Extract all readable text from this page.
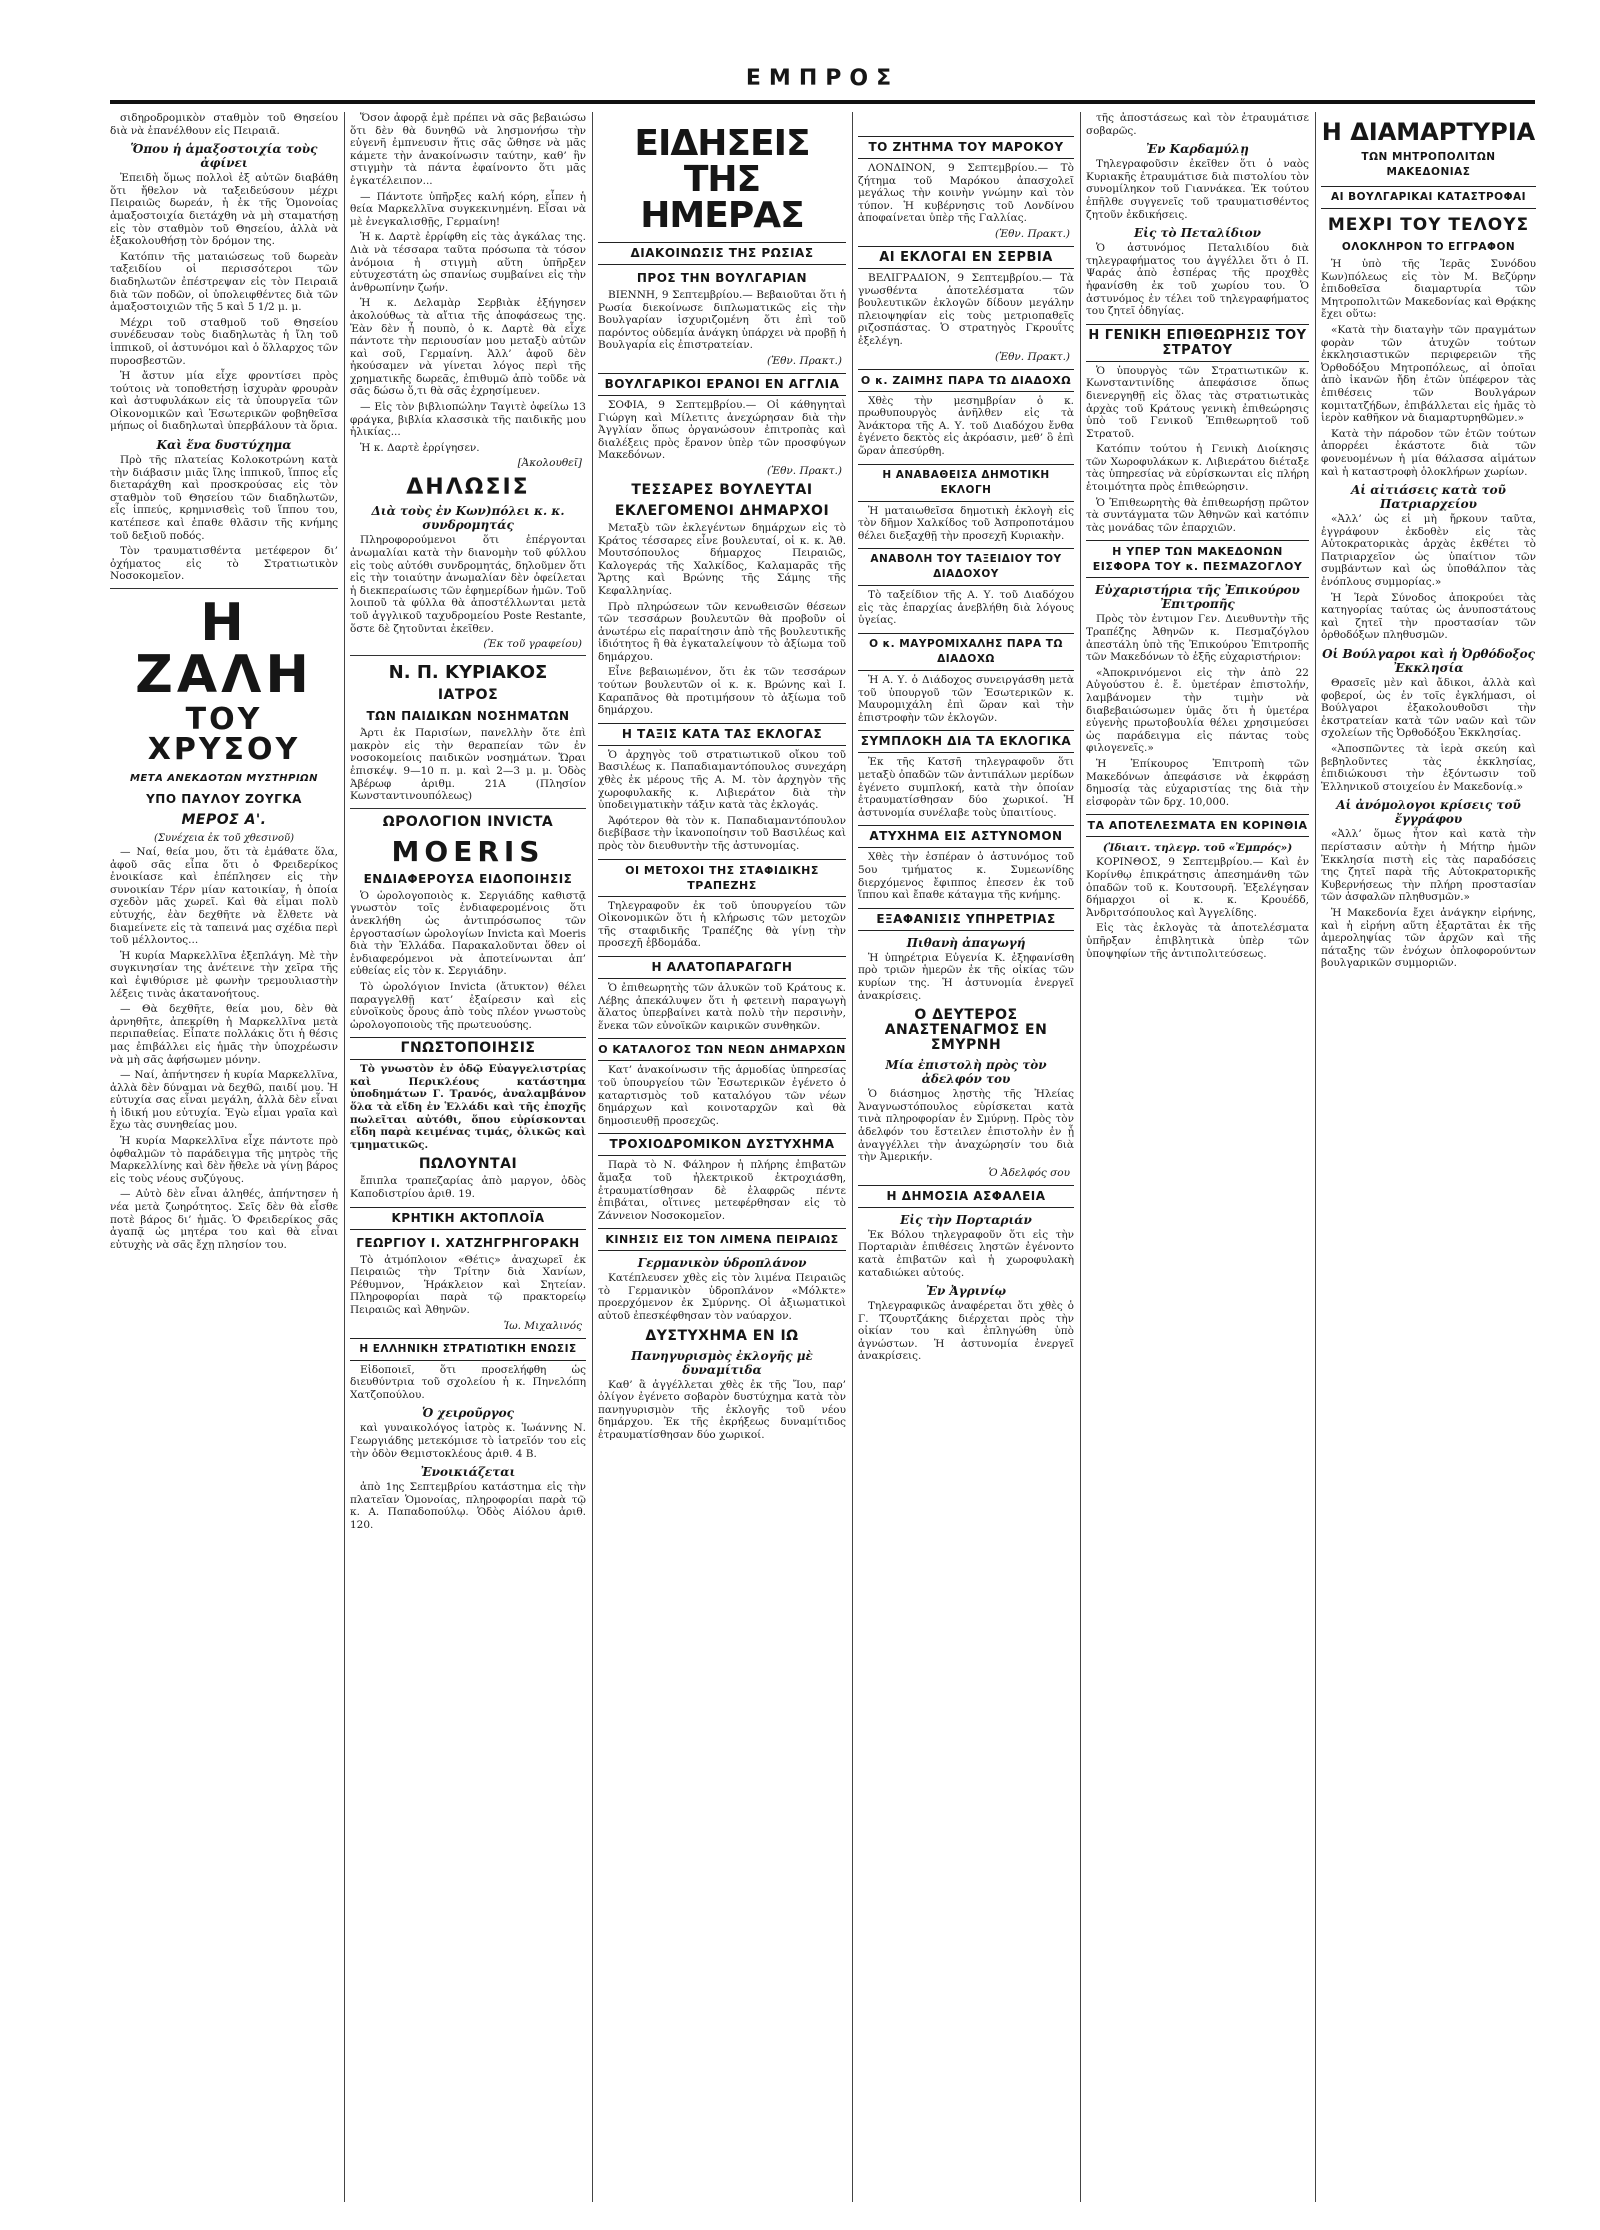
ΕΜΠΡΟΣ

σιδηροδρομικὸν σταθμὸν τοῦ Θησείου διὰ νὰ ἐπανέλθουν εἰς Πειραιᾶ.

Ὅπου ἡ ἁμαξοστοιχία τοὺς ἀφίνει

Ἐπειδὴ ὅμως πολλοὶ ἐξ αὐτῶν διαβάθη ὅτι ἤθελον νὰ ταξειδεύσουν μέχρι Πειραιῶς δωρεάν, ἡ ἐκ τῆς Ὁμονοίας ἁμαξοστοιχία διετάχθη νὰ μὴ σταματήσῃ εἰς τὸν σταθμὸν τοῦ Θησείου, ἀλλὰ νὰ ἐξακολουθήσῃ τὸν δρόμον της.

Κατόπιν τῆς ματαιώσεως τοῦ δωρεὰν ταξειδίου οἱ περισσότεροι τῶν διαδηλωτῶν ἐπέστρεψαν εἰς τὸν Πειραιᾶ διὰ τῶν ποδῶν, οἱ ὑπολειφθέντες διὰ τῶν ἁμαξοστοιχιῶν τῆς 5 καὶ 5 1/2 μ. μ.

Μέχρι τοῦ σταθμοῦ τοῦ Θησείου συνέδευσαν τοὺς διαδηλωτὰς ἡ ἴλη τοῦ ἱππικοῦ, οἱ ἀστυνόμοι καὶ ὁ ὅλλαρχος τῶν πυροσβεστῶν.

Ἡ ἄστυν μία εἶχε φροντίσει πρὸς τούτοις νὰ τοποθετήσῃ ἰσχυρὰν φρουρὰν καὶ ἀστυφυλάκων εἰς τὰ ὑπουργεῖα τῶν Οἰκονομικῶν καὶ Ἐσωτερικῶν φοβηθεῖσα μήπως οἱ διαδηλωταὶ ὑπερβάλουν τὰ ὅρια.

Καὶ ἕνα δυστύχημα

Πρὸ τῆς πλατείας Κολοκοτρώνη κατὰ τὴν διάβασιν μιᾶς ἴλης ἱππικοῦ, ἵππος εἷς διεταράχθη καὶ προσκρούσας εἰς τὸν σταθμὸν τοῦ Θησείου τῶν διαδηλωτῶν, εἷς ἱππεύς, κρημνισθεὶς τοῦ ἵππου του, κατέπεσε καὶ ἐπαθε θλᾶσιν τῆς κνήμης τοῦ δεξιοῦ ποδός.

Τὸν τραυματισθέντα μετέφερον δι’ ὀχήματος εἰς τὸ Στρατιωτικὸν Νοσοκομεῖον.

Η ΖΑΛΗ
ΤΟΥ ΧΡΥΣΟΥ
ΜΕΤΑ ΑΝΕΚΔΟΤΩΝ ΜΥΣΤΗΡΙΩΝ
ΥΠΟ ΠΑΥΛΟΥ ΖΟΥΓΚΑ
ΜΕΡΟΣ Α'.
(Συνέχεια ἐκ τοῦ χθεσινοῦ)

— Ναί, θεία μου, ὅτι τὰ ἐμάθατε ὅλα, ἀφοῦ σᾶς εἶπα ὅτι ὁ Φρειδερίκος ἐνοικίασε καὶ ἐπέπλησεν εἰς τὴν συνοικίαν Τέρν μίαν κατοικίαν, ἡ ὁποία σχεδὸν μᾶς χωρεῖ. Καὶ θὰ εἶμαι πολὺ εὐτυχής, ἐὰν δεχθῆτε νὰ ἔλθετε νὰ διαμείνετε εἰς τὰ ταπεινά μας σχέδια περὶ τοῦ μέλλοντος...

Ἡ κυρία Μαρκελλῖνα ἐξεπλάγη. Μὲ τὴν συγκινησίαν της ἀνέτεινε τὴν χεῖρα τῆς καὶ ἐψιθύρισε μὲ φωνὴν τρεμουλιαστὴν λέξεις τινὰς ἀκατανοήτους.

— Θὰ δεχθῆτε, θεία μου, δὲν θὰ ἀρνηθῆτε, ἀπεκρίθη ἡ Μαρκελλῖνα μετὰ περιπαθείας. Εἶπατε πολλάκις ὅτι ἡ θέσις μας ἐπιβάλλει εἰς ἡμᾶς τὴν ὑποχρέωσιν νὰ μὴ σᾶς ἀφήσωμεν μόνην.

— Ναί, ἀπήντησεν ἡ κυρία Μαρκελλῖνα, ἀλλὰ δὲν δύναμαι νὰ δεχθῶ, παιδί μου. Ἡ εὐτυχία σας εἶναι μεγάλη, ἀλλὰ δὲν εἶναι ἡ ἰδική μου εὐτυχία. Ἐγὼ εἶμαι γραῖα καὶ ἔχω τὰς συνηθείας μου.

Ἡ κυρία Μαρκελλῖνα εἶχε πάντοτε πρὸ ὀφθαλμῶν τὸ παράδειγμα τῆς μητρὸς τῆς Μαρκελλίνης καὶ δὲν ἤθελε νὰ γίνῃ βάρος εἰς τοὺς νέους συζύγους.

— Αὐτὸ δὲν εἶναι ἀληθές, ἀπήντησεν ἡ νέα μετὰ ζωηρότητος. Σεῖς δὲν θὰ εἶσθε ποτὲ βάρος δι’ ἡμᾶς. Ὁ Φρειδερίκος σᾶς ἀγαπᾷ ὡς μητέρα του καὶ θὰ εἶναι εὐτυχὴς νὰ σᾶς ἔχῃ πλησίον του.

Ὅσον ἀφορᾷ ἐμὲ πρέπει νὰ σᾶς βεβαιώσω ὅτι δὲν θὰ δυνηθῶ νὰ λησμονήσω τὴν εὐγενῆ ἐμπνευσιν ἥτις σᾶς ὤθησε νὰ μᾶς κάμετε τὴν ἀνακοίνωσιν ταύτην, καθ’ ἣν στιγμὴν τὰ πάντα ἐφαίνοντο ὅτι μᾶς ἐγκατέλειπον...

— Πάντοτε ὑπῆρξες καλή κόρη, εἶπεν ἡ θεία Μαρκελλῖνα συγκεκινημένη. Εἶσαι νὰ μὲ ἐνεγκαλισθῇς, Γερμαίνη!

Ἡ κ. Δαρτὲ ἐρρίφθη εἰς τὰς ἀγκάλας της. Διὰ νὰ τέσσαρα ταῦτα πρόσωπα τὰ τόσον ἀνόμοια ἡ στιγμὴ αὕτη ὑπῆρξεν εὐτυχεστάτη ὡς σπανίως συμβαίνει εἰς τὴν ἀνθρωπίνην ζωήν.

Ἡ κ. Δελαμὰρ Σερβιὰκ ἐξήγησεν ἀκολούθως τὰ αἴτια τῆς ἀποφάσεως της. Ἐὰν δὲν ἦ πουπὸ, ὁ κ. Δαρτὲ θὰ εἶχε πάντοτε τὴν περιουσίαν μου μεταξὺ αὐτῶν καὶ σοῦ, Γερμαίνη. Ἀλλ’ ἀφοῦ δὲν ἠκούσαμεν νὰ γίνεται λόγος περὶ τῆς χρηματικῆς δωρεᾶς, ἐπιθυμῶ ἀπὸ τοῦδε νὰ σᾶς δώσω ὅ,τι θὰ σᾶς ἐχρησίμευεν.

— Εἰς τὸν βιβλιοπώλην Ταγιτὲ ὀφείλω 13 φράγκα, βιβλία κλασσικὰ τῆς παιδικῆς μου ἡλικίας...

Ἡ κ. Δαρτὲ ἐρρίγησεν.

[Ἀκολουθεῖ]
ΔΗΛΩΣΙΣ
Διὰ τοὺς ἐν Κων)πόλει κ. κ. συνδρομητάς

Πληροφορούμενοι ὅτι ἐπέργονται ἀνωμαλίαι κατὰ τὴν διανομὴν τοῦ φύλλου εἰς τοὺς αὐτόθι συνδρομητάς, δηλοῦμεν ὅτι εἰς τὴν τοιαύτην ἀνωμαλίαν δὲν ὀφείλεται ἡ διεκπεραίωσις τῶν ἐφημερίδων ἡμῶν. Τοῦ λοιποῦ τὰ φύλλα θὰ ἀποστέλλωνται μετὰ τοῦ ἀγγλικοῦ ταχυδρομείου Poste Restante, ὅστε δὲ ζητοῦνται ἐκεῖθεν.

(Ἐκ τοῦ γραφείου)
Ν. Π. ΚΥΡΙΑΚΟΣ
ΙΑΤΡΟΣ
ΤΩΝ ΠΑΙΔΙΚΩΝ ΝΟΣΗΜΑΤΩΝ

Ἀρτι ἐκ Παρισίων, πανελλὴν ὅτε ἐπὶ μακρὸν εἰς τὴν θεραπείαν τῶν ἐν νοσοκομείοις παιδικῶν νοσημάτων. Ὥραι ἐπισκέψ. 9—10 π. μ. καὶ 2—3 μ. μ. Ὁδὸς Ἀβέρωφ ἀριθμ. 21Α (Πλησίον Κωνσταντινουπόλεως)

ΩΡΟΛΟΓΙΟΝ INVICTA
MOERIS
ΕΝΔΙΑΦΕΡΟΥΣΑ ΕΙΔΟΠΟΙΗΣΙΣ

Ὁ ὡρολογοποιὸς κ. Σεργιάδης καθιστᾷ γνωστὸν τοῖς ἐνδιαφερομένοις ὅτι ἀνεκλήθη ὡς ἀντιπρόσωπος τῶν ἐργοστασίων ὡρολογίων Invicta καὶ Moeris διὰ τὴν Ἑλλάδα. Παρακαλοῦνται ὅθεν οἱ ἐνδιαφερόμενοι νὰ ἀποτείνωνται ἀπ’ εὐθείας εἰς τὸν κ. Σεργιάδην.

Τὸ ὡρολόγιον Invicta (ἄτυκτον) θέλει παραγγελθῇ κατ’ ἐξαίρεσιν καὶ εἰς εὐνοϊκοὺς ὅρους ἀπὸ τοὺς πλέον γνωστοὺς ὡρολογοποιοὺς τῆς πρωτευούσης.

ΓΝΩΣΤΟΠΟΙΗΣΙΣ

Τὸ γνωστὸν ἐν ὁδῷ Εὐαγγελιστρίας καὶ Περικλέους κατάστημα ὑποδημάτων Γ. Τρανός, ἀναλαμβάνον ὅλα τὰ εἴδη ἐν Ἑλλάδι καὶ τῆς ἐποχῆς πωλεῖται αὐτόθι, ὅπου εὑρίσκονται εἴδη παρὰ κειμένας τιμάς, ὁλικῶς καὶ τμηματικῶς.

ΠΩΛΟΥΝΤΑΙ

ἔπιπλα τραπεζαρίας ἀπὸ μαργον, ὁδὸς Καποδιστρίου ἀριθ. 19.

ΚΡΗΤΙΚΗ ΑΚΤΟΠΛΟΪΑ
ΓΕΩΡΓΙΟΥ Ι. ΧΑΤΖΗΓΡΗΓΟΡΑΚΗ

Τὸ ἀτμόπλοιον «Θέτις» ἀναχωρεῖ ἐκ Πειραιῶς τὴν Τρίτην διὰ Χανίων, Ρέθυμνον, Ἡράκλειον καὶ Σητείαν. Πληροφορίαι παρὰ τῷ πρακτορείῳ Πειραιῶς καὶ Ἀθηνῶν.

Ἰω. Μιχαλινός
Η ΕΛΛΗΝΙΚΗ ΣΤΡΑΤΙΩΤΙΚΗ ΕΝΩΣΙΣ

Εἰδοποιεῖ, ὅτι προσελήφθη ὡς διευθύντρια τοῦ σχολείου ἡ κ. Πηνελόπη Χατζοπούλου.

Ὁ χειροῦργος

καὶ γυναικολόγος ἰατρὸς κ. Ἰωάννης Ν. Γεωργιάδης μετεκόμισε τὸ ἰατρεῖόν του εἰς τὴν ὁδὸν Θεμιστοκλέους ἀριθ. 4 Β.

Ἐνοικιάζεται

ἀπὸ 1ης Σεπτεμβρίου κατάστημα εἰς τὴν πλατεῖαν Ὁμονοίας, πληροφορίαι παρὰ τῷ κ. Α. Παπαδοπούλῳ. Ὁδὸς Αἰόλου ἀριθ. 120.

ΕΙΔΗΣΕΙΣ ΤΗΣ ΗΜΕΡΑΣ
ΔΙΑΚΟΙΝΩΣΙΣ ΤΗΣ ΡΩΣΙΑΣ
ΠΡΟΣ ΤΗΝ ΒΟΥΛΓΑΡΙΑΝ

ΒΙΕΝΝΗ, 9 Σεπτεμβρίου.— Βεβαιοῦται ὅτι ἡ Ρωσία διεκοίνωσε διπλωματικῶς εἰς τὴν Βουλγαρίαν ἰσχυριζομένη ὅτι ἐπὶ τοῦ παρόντος οὐδεμία ἀνάγκη ὑπάρχει νὰ προβῇ ἡ Βουλγαρία εἰς ἐπιστρατείαν.

(Ἐθν. Πρακτ.)
ΒΟΥΛΓΑΡΙΚΟΙ ΕΡΑΝΟΙ ΕΝ ΑΓΓΛΙΑ

ΣΟΦΙΑ, 9 Σεπτεμβρίου.— Οἱ κάθηγηταὶ Γιώργη καὶ Μίλετιτς ἀνεχώρησαν διὰ τὴν Ἀγγλίαν ὅπως ὀργανώσουν ἐπιτροπὰς καὶ διαλέξεις πρὸς ἔρανον ὑπὲρ τῶν προσφύγων Μακεδόνων.

(Ἐθν. Πρακτ.)
ΤΕΣΣΑΡΕΣ ΒΟΥΛΕΥΤΑΙ
ΕΚΛΕΓΟΜΕΝΟΙ ΔΗΜΑΡΧΟΙ

Μεταξὺ τῶν ἐκλεγέντων δημάρχων εἰς τὸ Κράτος τέσσαρες εἶνε βουλευταί, οἱ κ. κ. Ἀθ. Μουτσόπουλος δήμαρχος Πειραιῶς, Καλογεράς τῆς Χαλκίδος, Καλαμαρᾶς τῆς Ἄρτης καὶ Βρώνης τῆς Σάμης τῆς Κεφαλληνίας.

Πρὸ πληρώσεων τῶν κενωθεισῶν θέσεων τῶν τεσσάρων βουλευτῶν θὰ προβοῦν οἱ ἀνωτέρω εἰς παραίτησιν ἀπὸ τῆς βουλευτικῆς ἰδιότητος ἢ θὰ ἐγκαταλείψουν τὸ ἀξίωμα τοῦ δημάρχου.

Εἶνε βεβαιωμένον, ὅτι ἐκ τῶν τεσσάρων τούτων βουλευτῶν οἱ κ. κ. Βρώνης καὶ Ι. Καραπᾶνος θὰ προτιμήσουν τὸ ἀξίωμα τοῦ δημάρχου.

Η ΤΑΞΙΣ ΚΑΤΑ ΤΑΣ ΕΚΛΟΓΑΣ

Ὁ ἀρχηγὸς τοῦ στρατιωτικοῦ οἴκου τοῦ Βασιλέως κ. Παπαδιαμαντόπουλος συνεχάρη χθὲς ἐκ μέρους τῆς Α. Μ. τὸν ἀρχηγὸν τῆς χωροφυλακῆς κ. Λιβιεράτον διὰ τὴν ὑποδειγματικὴν τάξιν κατὰ τὰς ἐκλογάς.

Ἀφότερον θὰ τὸν κ. Παπαδιαμαντόπουλον διεβίβασε τὴν ἰκανοποίησιν τοῦ Βασιλέως καὶ πρὸς τὸν διευθυντὴν τῆς ἀστυνομίας.

ΟΙ ΜΕΤΟΧΟΙ ΤΗΣ ΣΤΑΦΙΔΙΚΗΣ ΤΡΑΠΕΖΗΣ

Τηλεγραφοῦν ἐκ τοῦ ὑπουργείου τῶν Οἰκονομικῶν ὅτι ἡ κλήρωσις τῶν μετοχῶν τῆς σταφιδικῆς Τραπέζης θὰ γίνῃ τὴν προσεχῆ ἑβδομάδα.

Η ΑΛΑΤΟΠΑΡΑΓΩΓΗ

Ὁ ἐπιθεωρητὴς τῶν ἁλυκῶν τοῦ Κράτους κ. Λέβης ἀπεκάλυψεν ὅτι ἡ φετεινὴ παραγωγὴ ἅλατος ὑπερβαίνει κατὰ πολὺ τὴν περσινὴν, ἕνεκα τῶν εὐνοϊκῶν καιρικῶν συνθηκῶν.

Ο ΚΑΤΑΛΟΓΟΣ ΤΩΝ ΝΕΩΝ ΔΗΜΑΡΧΩΝ

Κατ’ ἀνακοίνωσιν τῆς ἁρμοδίας ὑπηρεσίας τοῦ ὑπουργείου τῶν Ἐσωτερικῶν ἐγένετο ὁ καταρτισμὸς τοῦ καταλόγου τῶν νέων δημάρχων καὶ κοινοταρχῶν καὶ θὰ δημοσιευθῇ προσεχῶς.

ΤΡΟΧΙΟΔΡΟΜΙΚΟΝ ΔΥΣΤΥΧΗΜΑ

Παρὰ τὸ Ν. Φάληρον ἡ πλήρης ἐπιβατῶν ἄμαξα τοῦ ἠλεκτρικοῦ ἐκτροχιάσθη, ἐτραυματίσθησαν δὲ ἐλαφρῶς πέντε ἐπιβάται, οἵτινες μετεφέρθησαν εἰς τὸ Ζάννειον Νοσοκομεῖον.

ΚΙΝΗΣΙΣ ΕΙΣ ΤΟΝ ΛΙΜΕΝΑ ΠΕΙΡΑΙΩΣ
Γερμανικὸν ὑδροπλάνον

Κατέπλευσεν χθὲς εἰς τὸν λιμένα Πειραιῶς τὸ Γερμανικὸν ὑδροπλάνον «Μόλκτε» προερχόμενον ἐκ Σμύρνης. Οἱ ἀξιωματικοὶ αὐτοῦ ἐπεσκέφθησαν τὸν ναύαρχον.

ΔΥΣΤΥΧΗΜΑ ΕΝ ΙΩ
Πανηγυρισμὸς ἐκλογῆς μὲ δυναμίτιδα

Καθ’ ἃ ἀγγέλλεται χθὲς ἐκ τῆς Ἴου, παρ’ ὀλίγον ἐγένετο σοβαρὸν δυστύχημα κατὰ τὸν πανηγυρισμὸν τῆς ἐκλογῆς τοῦ νέου δημάρχου. Ἐκ τῆς ἐκρήξεως δυναμίτιδος ἐτραυματίσθησαν δύο χωρικοί.

ΤΟ ΖΗΤΗΜΑ ΤΟΥ ΜΑΡΟΚΟΥ

ΛΟΝΔΙΝΟΝ, 9 Σεπτεμβρίου.— Τὸ ζήτημα τοῦ Μαρόκου ἀπασχολεῖ μεγάλως τὴν κοινὴν γνώμην καὶ τὸν τύπον. Ἡ κυβέρνησις τοῦ Λονδίνου ἀποφαίνεται ὑπὲρ τῆς Γαλλίας.

(Ἐθν. Πρακτ.)
ΑΙ ΕΚΛΟΓΑΙ ΕΝ ΣΕΡΒΙΑ

ΒΕΛΙΓΡΑΔΙΟΝ, 9 Σεπτεμβρίου.— Τὰ γνωσθέντα ἀποτελέσματα τῶν βουλευτικῶν ἐκλογῶν δίδουν μεγάλην πλειοψηφίαν εἰς τοὺς μετριοπαθεῖς ριζοσπάστας. Ὁ στρατηγὸς Γκρουΐτς ἐξελέγη.

(Ἐθν. Πρακτ.)
Ο κ. ΖΑΙΜΗΣ ΠΑΡΑ ΤΩ ΔΙΑΔΟΧΩ

Χθὲς τὴν μεσημβρίαν ὁ κ. πρωθυπουργὸς ἀνῆλθεν εἰς τὰ Ἀνάκτορα τῆς Α. Υ. τοῦ Διαδόχου ἔνθα ἐγένετο δεκτὸς εἰς ἀκρόασιν, μεθ’ ὃ ἐπὶ ὥραν ἀπεσύρθη.

Η ΑΝΑΒΑΘΕΙΣΑ ΔΗΜΟΤΙΚΗ ΕΚΛΟΓΗ

Ἡ ματαιωθεῖσα δημοτικὴ ἐκλογὴ εἰς τὸν δῆμον Χαλκίδος τοῦ Ἀσπροποτάμου θέλει διεξαχθῇ τὴν προσεχῆ Κυριακὴν.

ΑΝΑΒΟΛΗ ΤΟΥ ΤΑΞΕΙΔΙΟΥ ΤΟΥ ΔΙΑΔΟΧΟΥ

Τὸ ταξείδιον τῆς Α. Υ. τοῦ Διαδόχου εἰς τὰς ἐπαρχίας ἀνεβλήθη διὰ λόγους ὑγείας.

Ο κ. ΜΑΥΡΟΜΙΧΑΛΗΣ ΠΑΡΑ ΤΩ ΔΙΑΔΟΧΩ

Ἡ Α. Υ. ὁ Διάδοχος συνειργάσθη μετὰ τοῦ ὑπουργοῦ τῶν Ἐσωτερικῶν κ. Μαυρομιχάλη ἐπὶ ὥραν καὶ τὴν ἐπιστροφὴν τῶν ἐκλογῶν.

ΣΥΜΠΛΟΚΗ ΔΙΑ ΤΑ ΕΚΛΟΓΙΚΑ

Ἐκ τῆς Κατσῆ τηλεγραφοῦν ὅτι μεταξὺ ὀπαδῶν τῶν ἀντιπάλων μερίδων ἐγένετο συμπλοκή, κατὰ τὴν ὁποίαν ἐτραυματίσθησαν δύο χωρικοί. Ἡ ἀστυνομία συνέλαβε τοὺς ὑπαιτίους.

ΑΤΥΧΗΜΑ ΕΙΣ ΑΣΤΥΝΟΜΟΝ

Χθὲς τὴν ἑσπέραν ὁ ἀστυνόμος τοῦ 5ου τμήματος κ. Συμεωνίδης διερχόμενος ἔφιππος ἐπεσεν ἐκ τοῦ ἵππου καὶ ἔπαθε κάταγμα τῆς κνήμης.

ΕΞΑΦΑΝΙΣΙΣ ΥΠΗΡΕΤΡΙΑΣ
Πιθανὴ ἀπαγωγή

Ἡ ὑπηρέτρια Εὐγενία Κ. ἐξηφανίσθη πρὸ τριῶν ἡμερῶν ἐκ τῆς οἰκίας τῶν κυρίων της. Ἡ ἀστυνομία ἐνεργεῖ ἀνακρίσεις.

Ο ΔΕΥΤΕΡΟΣ ΑΝΑΣΤΕΝΑΓΜΟΣ ΕΝ ΣΜΥΡΝΗ
Μία ἐπιστολὴ πρὸς τὸν ἀδελφόν του

Ὁ διάσημος λῃστὴς τῆς Ἠλείας Ἀναγνωστόπουλος εὑρίσκεται κατὰ τινὰ πληροφορίαν ἐν Σμύρνῃ. Πρὸς τὸν ἀδελφόν του ἔστειλεν ἐπιστολὴν ἐν ᾗ ἀναγγέλλει τὴν ἀναχώρησίν του διὰ τὴν Ἀμερικήν.

Ὁ Ἀδελφός σου
Η ΔΗΜΟΣΙΑ ΑΣΦΑΛΕΙΑ
Εἰς τὴν Πορταριάν

Ἐκ Βόλου τηλεγραφοῦν ὅτι εἰς τὴν Πορταριὰν ἐπιθέσεις ληστῶν ἐγένοντο κατὰ ἐπιβατῶν καὶ ἡ χωροφυλακὴ καταδιώκει αὐτούς.

Ἐν Ἀγρινίῳ

Τηλεγραφικῶς ἀναφέρεται ὅτι χθὲς ὁ Γ. Τζουρτζάκης διέρχεται πρὸς τὴν οἰκίαν του καὶ ἐπληγώθη ὑπὸ ἀγνώστων. Ἡ ἀστυνομία ἐνεργεῖ ἀνακρίσεις.

τῆς ἀποστάσεως καὶ τὸν ἐτραυμάτισε σοβαρῶς.

Ἐν Καρδαμύλῃ

Τηλεγραφοῦσιν ἐκεῖθεν ὅτι ὁ ναὸς Κυριακῆς ἐτραυμάτισε διὰ πιστολίου τὸν συνομίληκον τοῦ Γιαννάκεα. Ἐκ τούτου ἐπῆλθε συγγενεῖς τοῦ τραυματισθέντος ζητοῦν ἐκδικήσεις.

Εἰς τὸ Πεταλίδιον

Ὁ ἀστυνόμος Πεταλιδίου διὰ τηλεγραφήματος του ἀγγέλλει ὅτι ὁ Π. Ψαράς ἀπὸ ἑσπέρας τῆς προχθὲς ἠφανίσθη ἐκ τοῦ χωρίου του. Ὁ ἀστυνόμος ἐν τέλει τοῦ τηλεγραφήματος του ζητεῖ ὁδηγίας.

Η ΓΕΝΙΚΗ ΕΠΙΘΕΩΡΗΣΙΣ ΤΟΥ ΣΤΡΑΤΟΥ

Ὁ ὑπουργὸς τῶν Στρατιωτικῶν κ. Κωνσταντινίδης ἀπεφάσισε ὅπως διενεργηθῇ εἰς ὅλας τὰς στρατιωτικὰς ἀρχὰς τοῦ Κράτους γενικὴ ἐπιθεώρησις ὑπὸ τοῦ Γενικοῦ Ἐπιθεωρητοῦ τοῦ Στρατοῦ.

Κατόπιν τούτου ἡ Γενικὴ Διοίκησις τῶν Χωροφυλάκων κ. Λιβιεράτου διέταξε τὰς ὑπηρεσίας νὰ εὑρίσκωνται εἰς πλήρη ἑτοιμότητα πρὸς ἐπιθεώρησιν.

Ὁ Ἐπιθεωρητὴς θὰ ἐπιθεωρήσῃ πρῶτον τὰ συντάγματα τῶν Ἀθηνῶν καὶ κατόπιν τὰς μονάδας τῶν ἐπαρχιῶν.

Η ΥΠΕΡ ΤΩΝ ΜΑΚΕΔΟΝΩΝ ΕΙΣΦΟΡΑ ΤΟΥ κ. ΠΕΣΜΑΖΟΓΛΟΥ
Εὐχαριστήρια τῆς Ἐπικούρου Ἐπιτροπῆς

Πρὸς τὸν ἐντιμον Γεν. Διευθυντὴν τῆς Τραπέζης Ἀθηνῶν κ. Πεσμαζόγλου ἀπεστάλη ὑπὸ τῆς Ἐπικούρου Ἐπιτροπῆς τῶν Μακεδόνων τὸ ἑξῆς εὐχαριστήριον:

«Ἀποκρινόμενοι εἰς τὴν ἀπὸ 22 Αὐγούστου ἐ. ἔ. ὑμετέραν ἐπιστολήν, λαμβάνομεν τὴν τιμὴν νὰ διαβεβαιώσωμεν ὑμᾶς ὅτι ἡ ὑμετέρα εὐγενὴς πρωτοβουλία θέλει χρησιμεύσει ὡς παράδειγμα εἰς πάντας τοὺς φιλογενεῖς.»

Ἡ Ἐπίκουρος Ἐπιτροπὴ τῶν Μακεδόνων ἀπεφάσισε νὰ ἐκφράσῃ δημοσίᾳ τὰς εὐχαριστίας της διὰ τὴν εἰσφορὰν τῶν δρχ. 10,000.

ΤΑ ΑΠΟΤΕΛΕΣΜΑΤΑ ΕΝ ΚΟΡΙΝΘΙΑ
(Ἰδιαιτ. τηλεγρ. τοῦ «Ἐμπρός»)

ΚΟΡΙΝΘΟΣ, 9 Σεπτεμβρίου.— Καὶ ἐν Κορίνθῳ ἐπικράτησις ἀπεσημάνθη τῶν ὁπαδῶν τοῦ κ. Κουτσουρῆ. Ἐξελέγησαν δήμαρχοι οἱ κ. κ. Κρουέδδ, Ἀνδριτσόπουλος καὶ Ἀγγελίδης.

Εἰς τὰς ἐκλογὰς τὰ ἀποτελέσματα ὑπῆρξαν ἐπιβλητικὰ ὑπὲρ τῶν ὑποψηφίων τῆς ἀντιπολιτεύσεως.

Η ΔΙΑΜΑΡΤΥΡΙΑ
ΤΩΝ ΜΗΤΡΟΠΟΛΙΤΩΝ ΜΑΚΕΔΟΝΙΑΣ
ΑΙ ΒΟΥΛΓΑΡΙΚΑΙ ΚΑΤΑΣΤΡΟΦΑΙ
ΜΕΧΡΙ ΤΟΥ ΤΕΛΟΥΣ
ΟΛΟΚΛΗΡΟΝ ΤΟ ΕΓΓΡΑΦΟΝ

Ἡ ὑπὸ τῆς Ἱερᾶς Συνόδου Κων)πόλεως εἰς τὸν Μ. Βεζύρην ἐπιδοθεῖσα διαμαρτυρία τῶν Μητροπολιτῶν Μακεδονίας καὶ Θρᾴκης ἔχει οὕτω:

«Κατὰ τὴν διαταγὴν τῶν πραγμάτων φορὰν τῶν ἀτυχῶν τούτων ἐκκλησιαστικῶν περιφερειῶν τῆς Ὀρθοδόξου Μητροπόλεως, αἱ ὁποῖαι ἀπὸ ἱκανῶν ἤδη ἐτῶν ὑπέφερον τὰς ἐπιθέσεις τῶν Βουλγάρων κομιτατζήδων, ἐπιβάλλεται εἰς ἡμᾶς τὸ ἱερὸν καθῆκον νὰ διαμαρτυρηθῶμεν.»

Κατὰ τὴν πάροδον τῶν ἐτῶν τούτων ἀπορρέει ἐκάστοτε διὰ τῶν φονευομένων ἡ μία θάλασσα αἱμάτων καὶ ἡ καταστροφὴ ὁλοκλήρων χωρίων.

Αἱ αἰτιάσεις κατὰ τοῦ Πατριαρχείου

«Ἀλλ’ ὡς εἰ μὴ ἤρκουν ταῦτα, ἐγγράφουν ἐκδοθὲν εἰς τὰς Αὐτοκρατορικὰς ἀρχὰς ἐκθέτει τὸ Πατριαρχεῖον ὡς ὑπαίτιον τῶν συμβάντων καὶ ὡς ὑποθάλπον τὰς ἐνόπλους συμμορίας.»

Ἡ Ἱερὰ Σύνοδος ἀποκρούει τὰς κατηγορίας ταύτας ὡς ἀνυποστάτους καὶ ζητεῖ τὴν προστασίαν τῶν ὀρθοδόξων πληθυσμῶν.

Οἱ Βούλγαροι καὶ ἡ Ὀρθόδοξος Ἐκκλησία

Θρασεῖς μὲν καὶ ἄδικοι, ἀλλὰ καὶ φοβεροί, ὡς ἐν τοῖς ἐγκλήμασι, οἱ Βούλγαροι ἐξακολουθοῦσι τὴν ἐκστρατείαν κατὰ τῶν ναῶν καὶ τῶν σχολείων τῆς Ὀρθοδόξου Ἐκκλησίας.

«Ἀποσπῶντες τὰ ἱερὰ σκεύη καὶ βεβηλοῦντες τὰς ἐκκλησίας, ἐπιδιώκουσι τὴν ἐξόντωσιν τοῦ Ἑλληνικοῦ στοιχείου ἐν Μακεδονίᾳ.»

Αἱ ἀνόμολογοι κρίσεις τοῦ ἔγγράφου

«Ἀλλ’ ὅμως ἦτον καὶ κατὰ τὴν περίστασιν αὐτὴν ἡ Μήτηρ ἡμῶν Ἐκκλησία πιστὴ εἰς τὰς παραδόσεις της ζητεῖ παρὰ τῆς Αὐτοκρατορικῆς Κυβερνήσεως τὴν πλήρη προστασίαν τῶν ἀσφαλῶν πληθυσμῶν.»

Ἡ Μακεδονία ἔχει ἀνάγκην εἰρήνης, καὶ ἡ εἰρήνη αὕτη ἐξαρτᾶται ἐκ τῆς ἀμεροληψίας τῶν ἀρχῶν καὶ τῆς πάταξης τῶν ἐνόχων ὁπλοφορούντων βουλγαρικῶν συμμοριῶν.
